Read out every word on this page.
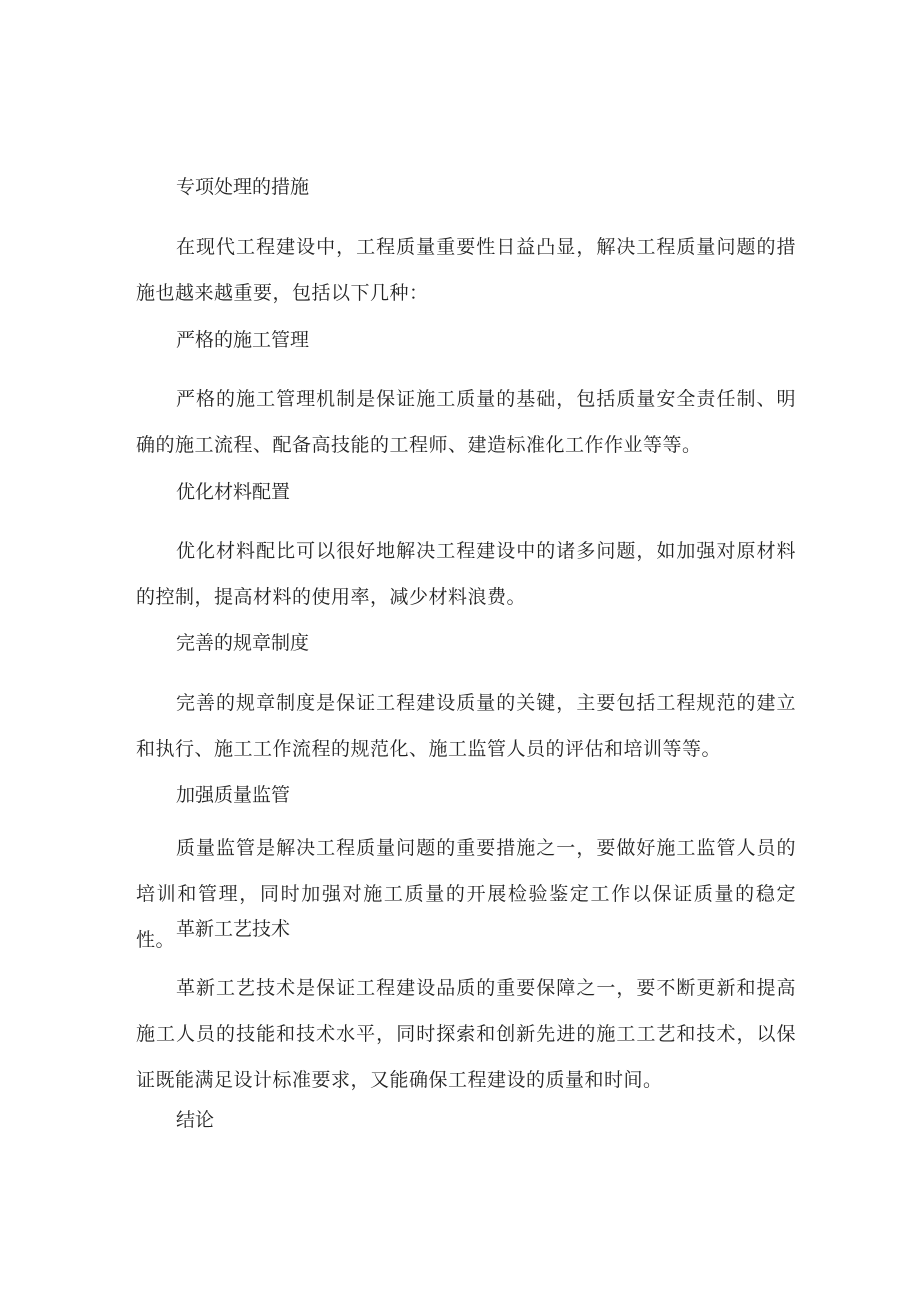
专项处理的措施

在现代工程建设中，工程质量重要性日益凸显，解决工程质量问题的措施也越来越重要，包括以下几种：

严格的施工管理

严格的施工管理机制是保证施工质量的基础，包括质量安全责任制、明确的施工流程、配备高技能的工程师、建造标准化工作作业等等。

优化材料配置

优化材料配比可以很好地解决工程建设中的诸多问题，如加强对原材料的控制，提高材料的使用率，减少材料浪费。

完善的规章制度

完善的规章制度是保证工程建设质量的关键，主要包括工程规范的建立和执行、施工工作流程的规范化、施工监管人员的评估和培训等等。

加强质量监管

质量监管是解决工程质量问题的重要措施之一，要做好施工监管人员的培训和管理，同时加强对施工质量的开展检验鉴定工作以保证质量的稳定性。 革新工艺技术

革新工艺技术是保证工程建设品质的重要保障之一，要不断更新和提高施工人员的技能和技术水平，同时探索和创新先进的施工工艺和技术，以保证既能满足设计标准要求，又能确保工程建设的质量和时间。

结论
